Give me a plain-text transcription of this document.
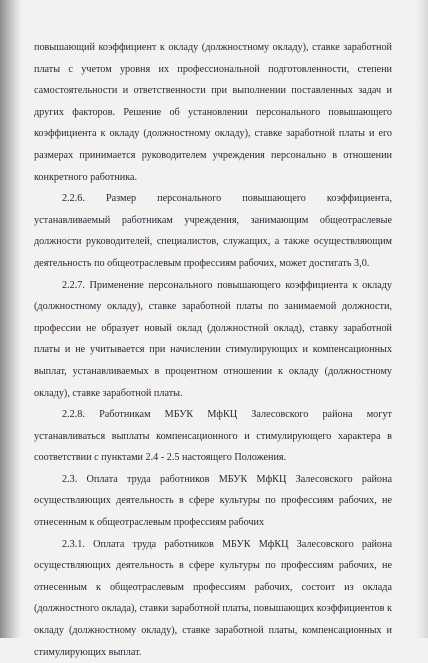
повышающий коэффициент к окладу (должностному окладу), ставке заработной платы с учетом уровня их профессиональной подготовленности, степени самостоятельности и ответственности при выполнении поставленных задач и других факторов. Решение об установлении персонального повышающего коэффициента к окладу (должностному окладу), ставке заработной платы и его размерах принимается руководителем учреждения персонально в отношении конкретного работника.

2.2.6. Размер персонального повышающего коэффициента, устанавливаемый работникам учреждения, занимающим общеотраслевые должности руководителей, специалистов, служащих, а также осуществляющим деятельность по общеотраслевым профессиям рабочих, может достигать 3,0.

2.2.7. Применение персонального повышающего коэффициента к окладу (должностному окладу), ставке заработной платы по занимаемой должности, профессии не образует новый оклад (должностной оклад), ставку заработной платы и не учитывается при начислении стимулирующих и компенсационных выплат, устанавливаемых в процентном отношении к окладу (должностному окладу), ставке заработной платы.

2.2.8. Работникам МБУК МфКЦ Залесовского района могут устанавливаться выплаты компенсационного и стимулирующего характера в соответствии с пунктами 2.4 - 2.5 настоящего Положения.

2.3. Оплата труда работников МБУК МфКЦ Залесовского района осуществляющих деятельность в сфере культуры по профессиям рабочих, не отнесенным к общеотраслевым профессиям рабочих

2.3.1. Оплата труда работников МБУК МфКЦ Залесовского района осуществляющих деятельность в сфере культуры по профессиям рабочих, не отнесенным к общеотраслевым профессиям рабочих, состоит из оклада (должностного оклада), ставки заработной платы, повышающих коэффициентов к окладу (должностному окладу), ставке заработной платы, компенсационных и стимулирующих выплат.
